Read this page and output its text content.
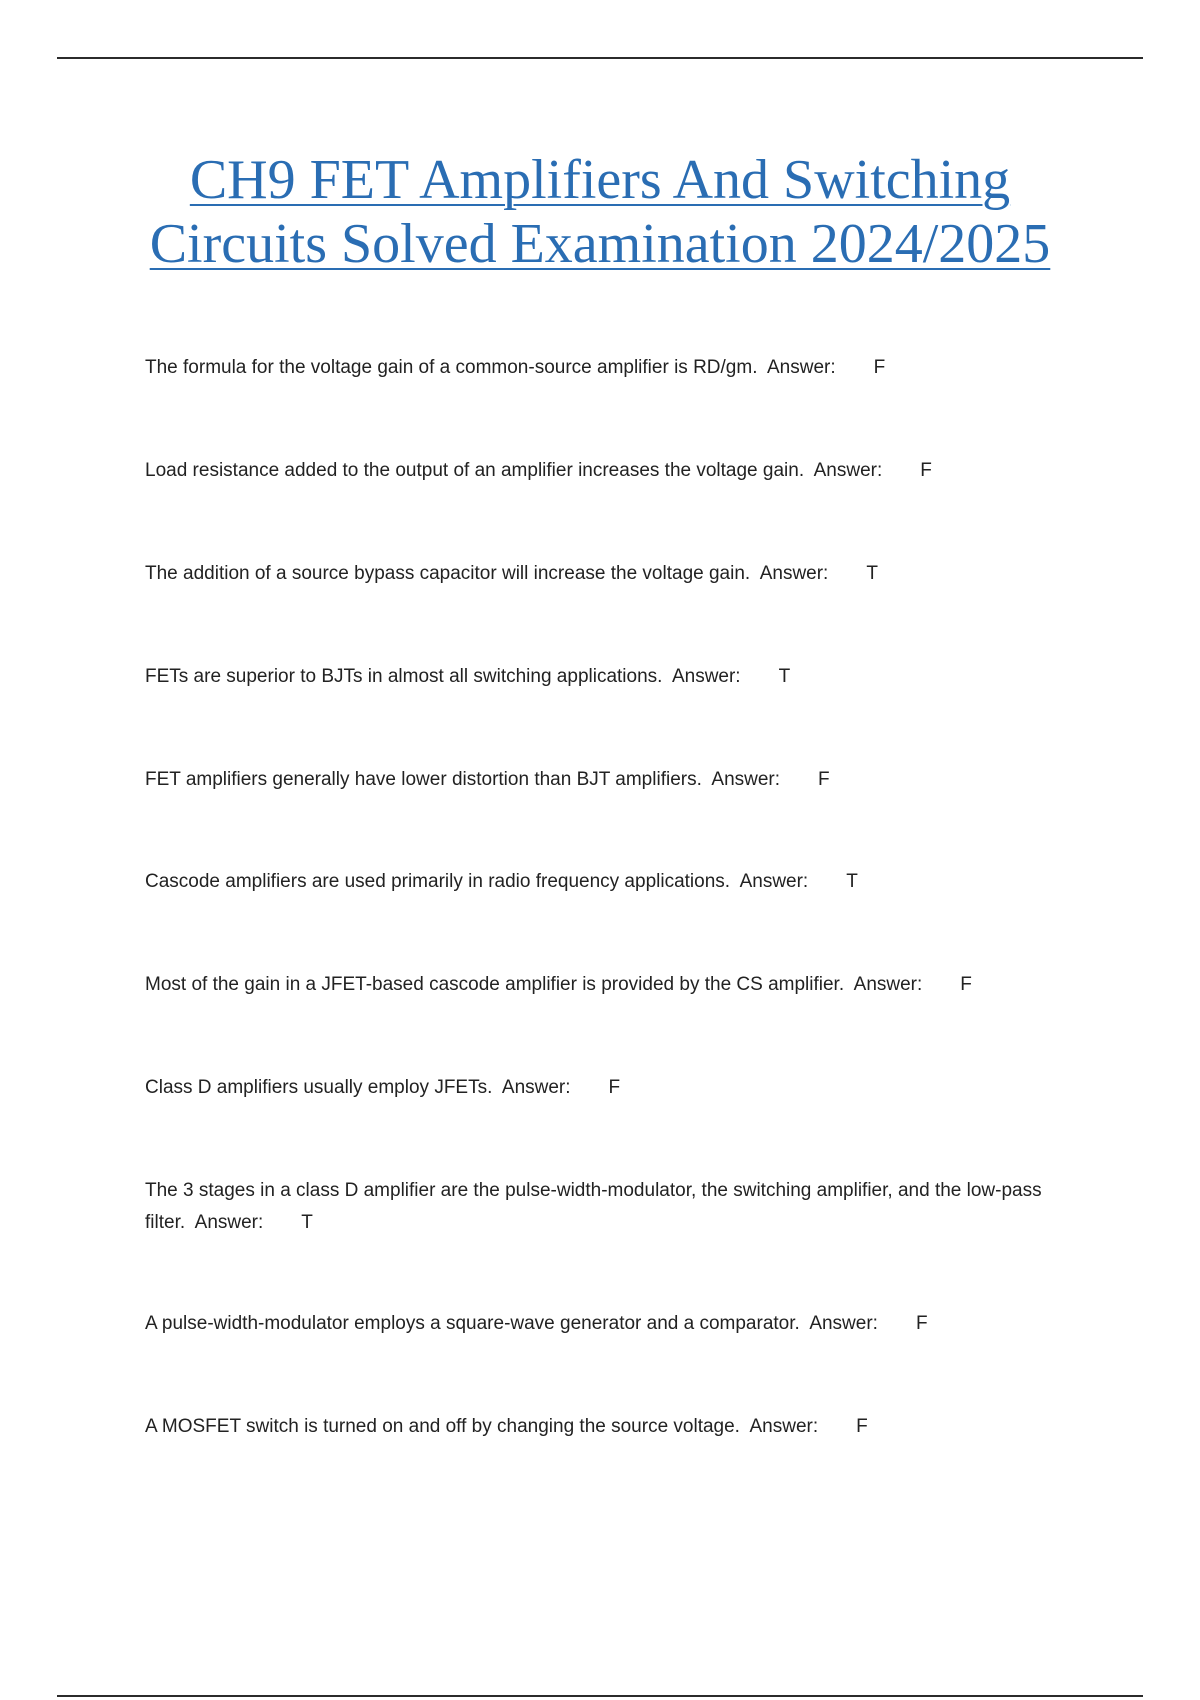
CH9 FET Amplifiers And Switching Circuits Solved Examination 2024/2025
The formula for the voltage gain of a common-source amplifier is RD/gm. Answer: F
Load resistance added to the output of an amplifier increases the voltage gain. Answer: F
The addition of a source bypass capacitor will increase the voltage gain. Answer: T
FETs are superior to BJTs in almost all switching applications. Answer: T
FET amplifiers generally have lower distortion than BJT amplifiers. Answer: F
Cascode amplifiers are used primarily in radio frequency applications. Answer: T
Most of the gain in a JFET-based cascode amplifier is provided by the CS amplifier. Answer: F
Class D amplifiers usually employ JFETs. Answer: F
The 3 stages in a class D amplifier are the pulse-width-modulator, the switching amplifier, and the low-pass filter. Answer: T
A pulse-width-modulator employs a square-wave generator and a comparator. Answer: F
A MOSFET switch is turned on and off by changing the source voltage. Answer: F
